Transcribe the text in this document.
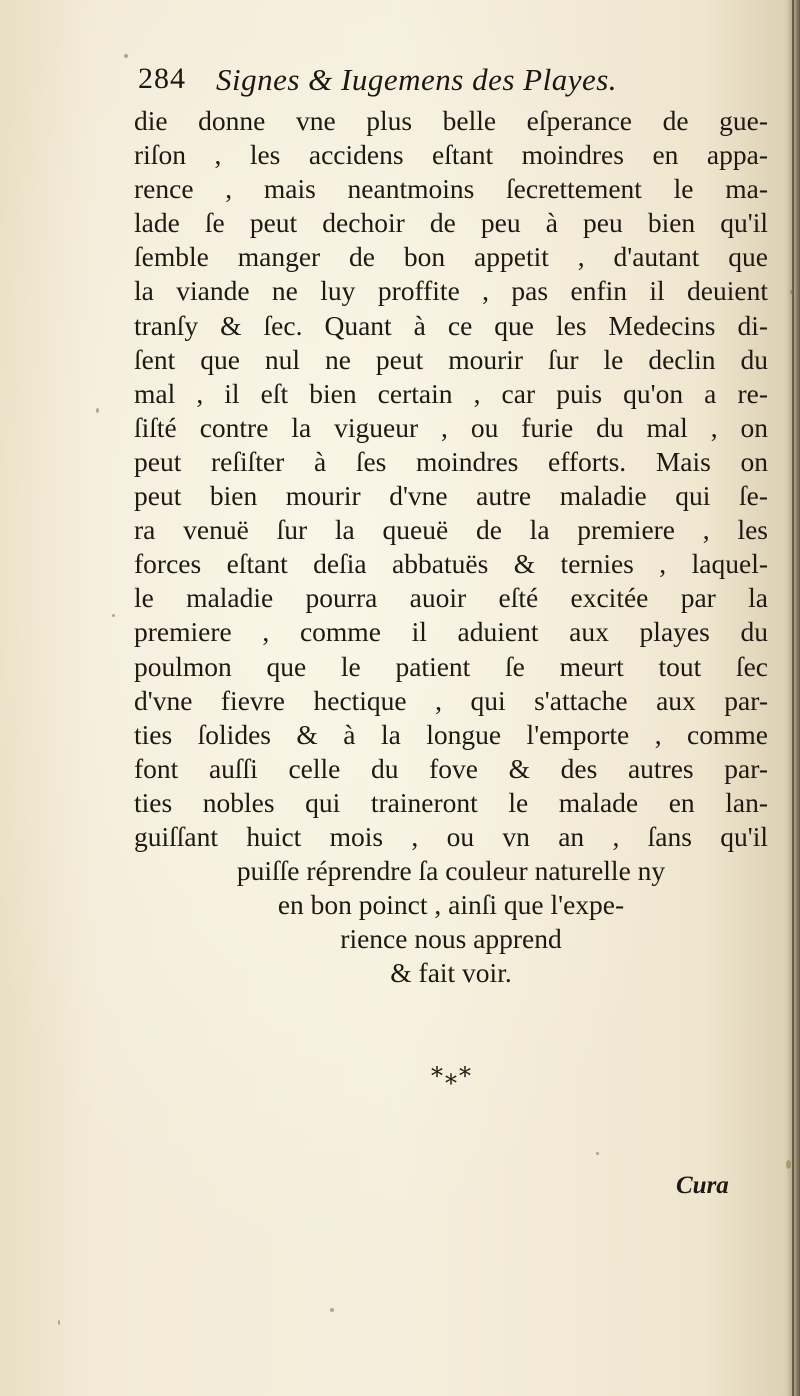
284 Signes & Iugemens des Playes.
die donne vne plus belle eſperance de gue-
riſon , les accidens eſtant moindres en appa-
rence , mais neantmoins ſecrettement le ma-
lade ſe peut dechoir de peu à peu bien qu'il
ſemble manger de bon appetit , d'autant que
la viande ne luy proffite , pas enfin il deuient
tranſy & ſec. Quant à ce que les Medecins di-
ſent que nul ne peut mourir ſur le declin du
mal , il eſt bien certain , car puis qu'on a re-
ſiſté contre la vigueur , ou furie du mal , on
peut reſiſter à ſes moindres efforts. Mais on
peut bien mourir d'vne autre maladie qui ſe-
ra venuë ſur la queuë de la premiere , les
forces eſtant deſia abbatuës & ternies , laquel-
le maladie pourra auoir eſté excitée par la
premiere , comme il aduient aux playes du
poulmon que le patient ſe meurt tout ſec
d'vne fievre hectique , qui s'attache aux par-
ties ſolides & à la longue l'emporte , comme
font auſſi celle du fove & des autres par-
ties nobles qui traineront le malade en lan-
guiſſant huict mois , ou vn an , ſans qu'il
puiſſe réprendre ſa couleur naturelle ny
en bon poinct , ainſi que l'expe-
rience nous apprend
& fait voir.
*⁎*
Cura
